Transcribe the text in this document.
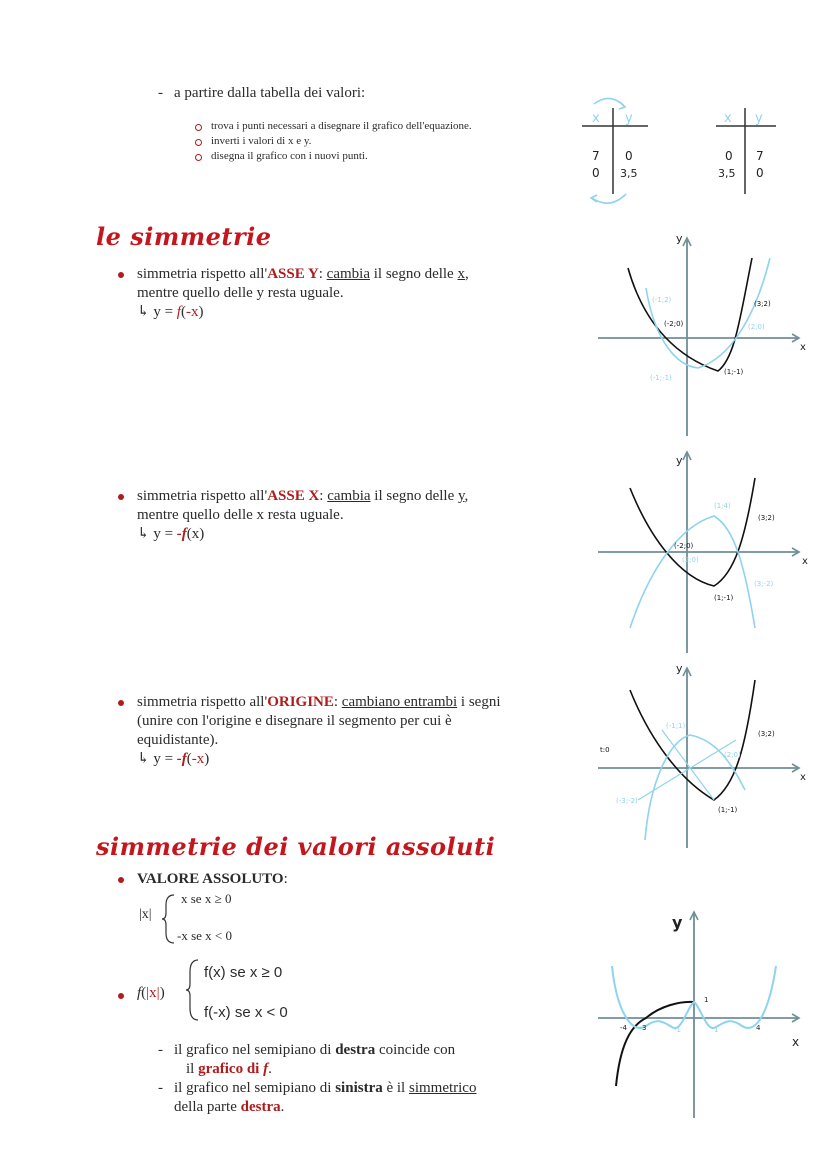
- a partire dalla tabella dei valori:
trova i punti necessari a disegnare il grafico dell'equazione.
inverti i valori di x e y.
disegna il grafico con i nuovi punti.
x y
7 0
0 3,5
x y
0 7
3,5 0
le simmetrie
simmetria rispetto all'ASSE Y: cambia il segno delle x,
mentre quello delle y resta uguale.
↳ y = f(-x)
x
y
(-1;2)
(-2;0)
(3;2)
(1;-1)
(-1;-1)
(2;0)
simmetria rispetto all'ASSE X: cambia il segno delle y,
mentre quello delle x resta uguale.
↳ y = -f(x)
x
y
(1;4)
(3;2)
(-2;0)
(1;-1)
(3;-2)
(2;0)
simmetria rispetto all'ORIGINE: cambiano entrambi i segni
(unire con l'origine e disegnare il segmento per cui è
equidistante).
↳ y = -f(-x)
x
y
t:0
(-1;1)
(3;2)
(2;0)
(-3;-2)
(1;-1)
simmetrie dei valori assoluti
VALORE ASSOLUTO:
|x|
x se x ≥ 0
-x se x < 0
f(|x|)
f(x) se x ≥ 0
f(-x) se x < 0
- il grafico nel semipiano di destra coincide con
il grafico di f.
- il grafico nel semipiano di sinistra è il simmetrico
della parte destra.
x
y
-4 3	-1	1	4
1
